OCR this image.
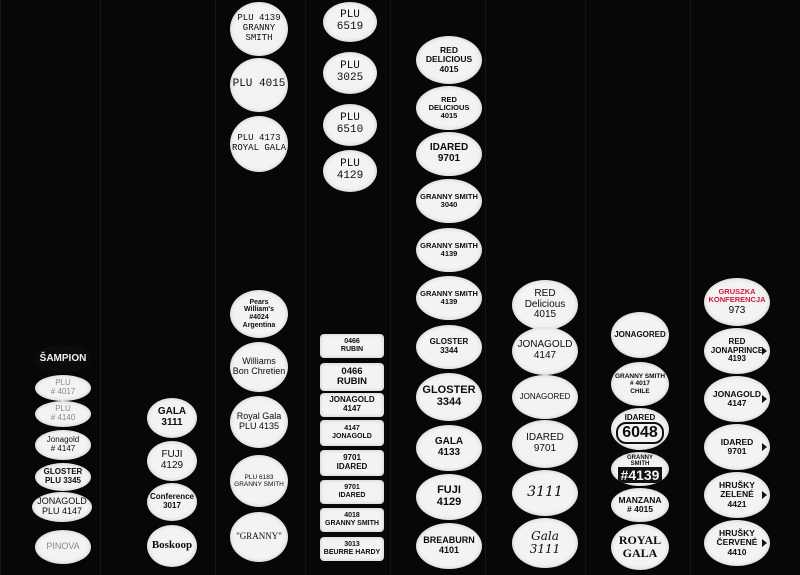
ŠAMPION
PLU
# 4017
PLU
# 4140
Jonagold
# 4147
GLOSTER
PLU 3345
JONAGOLD
PLU 4147
PINOVA
GALA
3111
FUJI
4129
Conference
3017
Boskoop
PLU 4139
GRANNY SMITH
PLU 4015
PLU 4173
ROYAL GALA
Pears
William's
#4024
Argentina
Williams
Bon Chretien
Royal Gala
PLU 4135
PLU 6183
GRANNY SMITH
"GRANNY"
PLU
6519
PLU
3025
PLU
6510
PLU
4129
0466
RUBIN
0466
RUBIN
JONAGOLD
4147
4147
JONAGOLD
9701
IDARED
9701
IDARED
4018
GRANNY SMITH
3013
BEURRE HARDY
RED
DELICIOUS
4015
RED
DELICIOUS
4015
IDARED
9701
GRANNY SMITH
3040
GRANNY SMITH
4139
GRANNY SMITH
4139
GLOSTER
3344
GLOSTER
3344
GALA
4133
FUJI
4129
BREABURN
4101
RED
Delicious
4015
JONAGOLD
4147
JONAGORED
IDARED
9701
3111
Gala
3111
JONAGORED
GRANNY SMITH
# 4017
CHILE
IDARED
6048
GRANNY
SMITH
#4139
MANZANA
# 4015
ROYAL
GALA
GRUSZKA
KONFERENCJA
973
RED
JONAPRINCE
4193
JONAGOLD
4147
IDARED
9701
HRUŠKY
ZELENÉ
4421
HRUŠKY
ČERVENÉ
4410
